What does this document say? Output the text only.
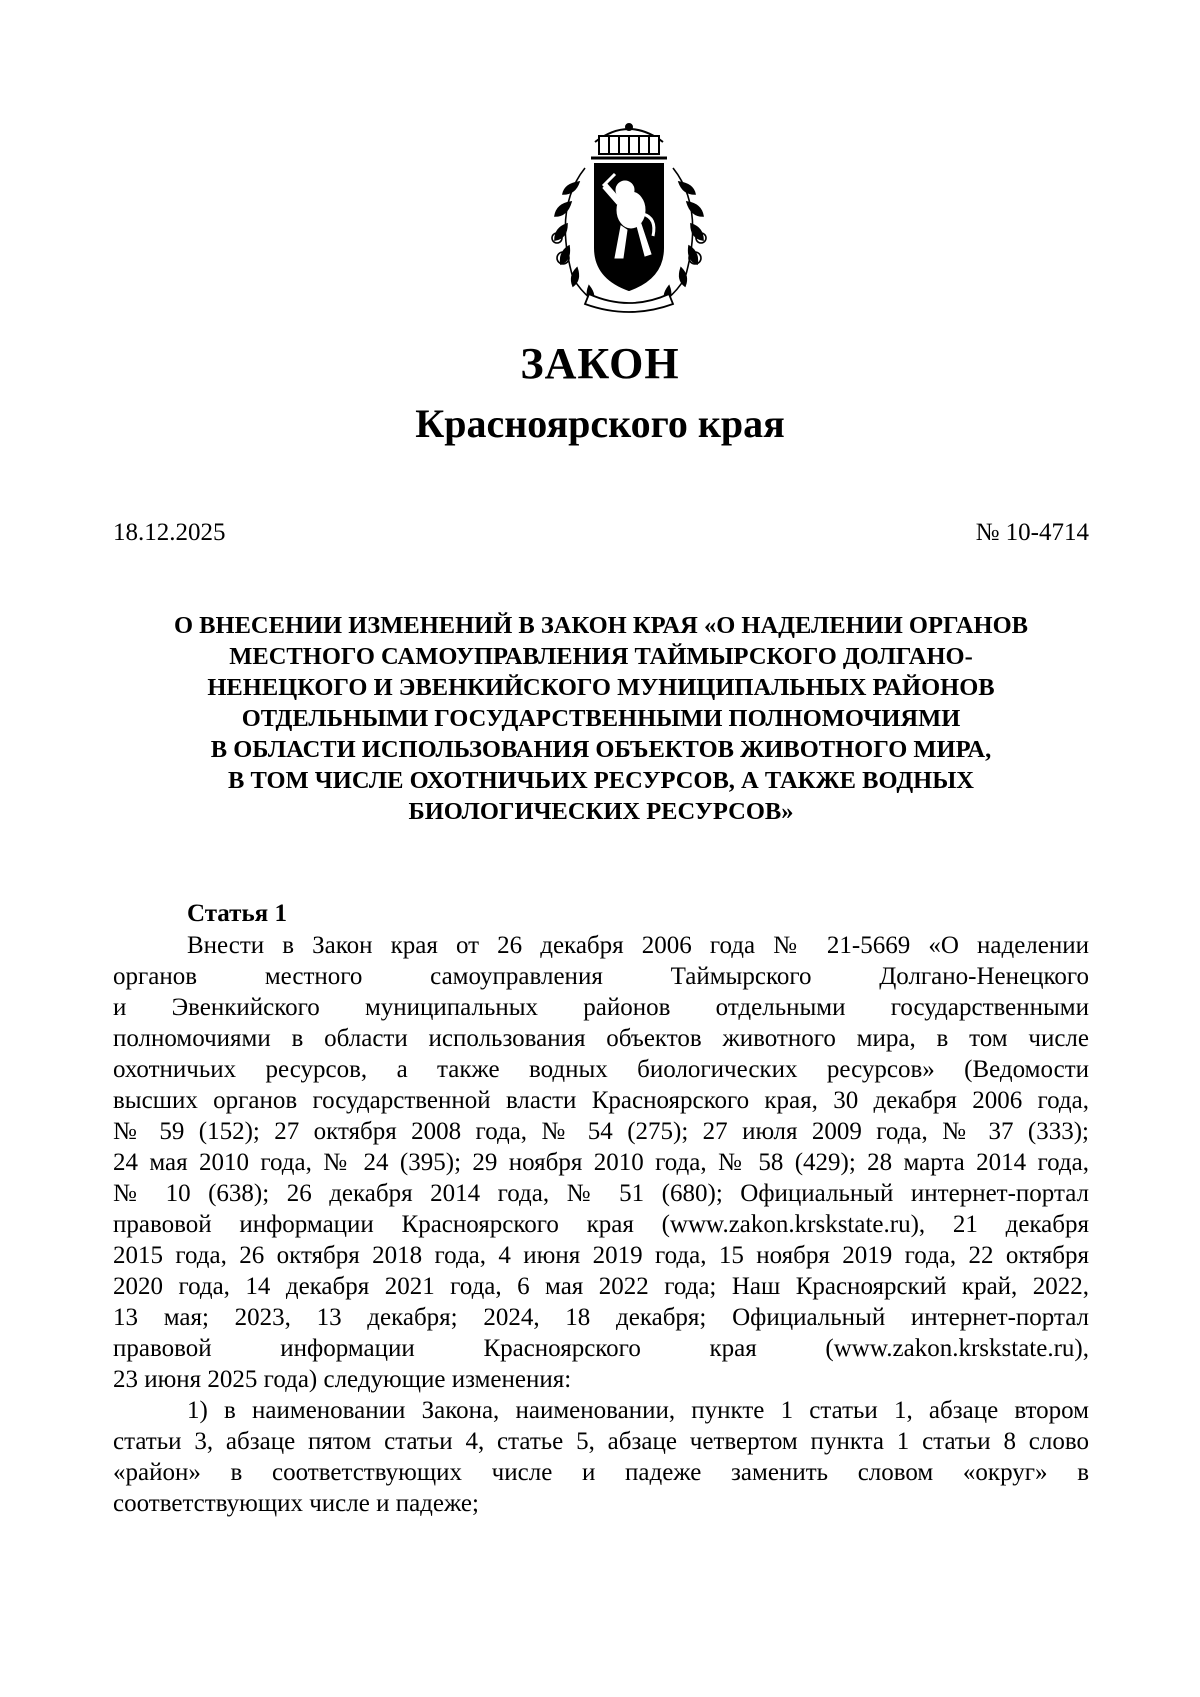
ЗАКОН
Красноярского края
18.12.2025	№ 10-4714
О ВНЕСЕНИИ ИЗМЕНЕНИЙ В ЗАКОН КРАЯ «О НАДЕЛЕНИИ ОРГАНОВ
МЕСТНОГО САМОУПРАВЛЕНИЯ ТАЙМЫРСКОГО ДОЛГАНО-
НЕНЕЦКОГО И ЭВЕНКИЙСКОГО МУНИЦИПАЛЬНЫХ РАЙОНОВ
ОТДЕЛЬНЫМИ ГОСУДАРСТВЕННЫМИ ПОЛНОМОЧИЯМИ
В ОБЛАСТИ ИСПОЛЬЗОВАНИЯ ОБЪЕКТОВ ЖИВОТНОГО МИРА,
В ТОМ ЧИСЛЕ ОХОТНИЧЬИХ РЕСУРСОВ, А ТАКЖЕ ВОДНЫХ
БИОЛОГИЧЕСКИХ РЕСУРСОВ»
Статья 1
Внести в Закон края от 26 декабря 2006 года № 21-5669 «О наделении
органов местного самоуправления Таймырского Долгано-Ненецкого
и Эвенкийского муниципальных районов отдельными государственными
полномочиями в области использования объектов животного мира, в том числе
охотничьих ресурсов, а также водных биологических ресурсов» (Ведомости
высших органов государственной власти Красноярского края, 30 декабря 2006 года,
№ 59 (152); 27 октября 2008 года, № 54 (275); 27 июля 2009 года, № 37 (333);
24 мая 2010 года, № 24 (395); 29 ноября 2010 года, № 58 (429); 28 марта 2014 года,
№ 10 (638); 26 декабря 2014 года, № 51 (680); Официальный интернет-портал
правовой информации Красноярского края (www.zakon.krskstate.ru), 21 декабря
2015 года, 26 октября 2018 года, 4 июня 2019 года, 15 ноября 2019 года, 22 октября
2020 года, 14 декабря 2021 года, 6 мая 2022 года; Наш Красноярский край, 2022,
13 мая; 2023, 13 декабря; 2024, 18 декабря; Официальный интернет-портал
правовой информации Красноярского края (www.zakon.krskstate.ru),
23 июня 2025 года) следующие изменения:
1) в наименовании Закона, наименовании, пункте 1 статьи 1, абзаце втором
статьи 3, абзаце пятом статьи 4, статье 5, абзаце четвертом пункта 1 статьи 8 слово
«район» в соответствующих числе и падеже заменить словом «округ» в
соответствующих числе и падеже;
